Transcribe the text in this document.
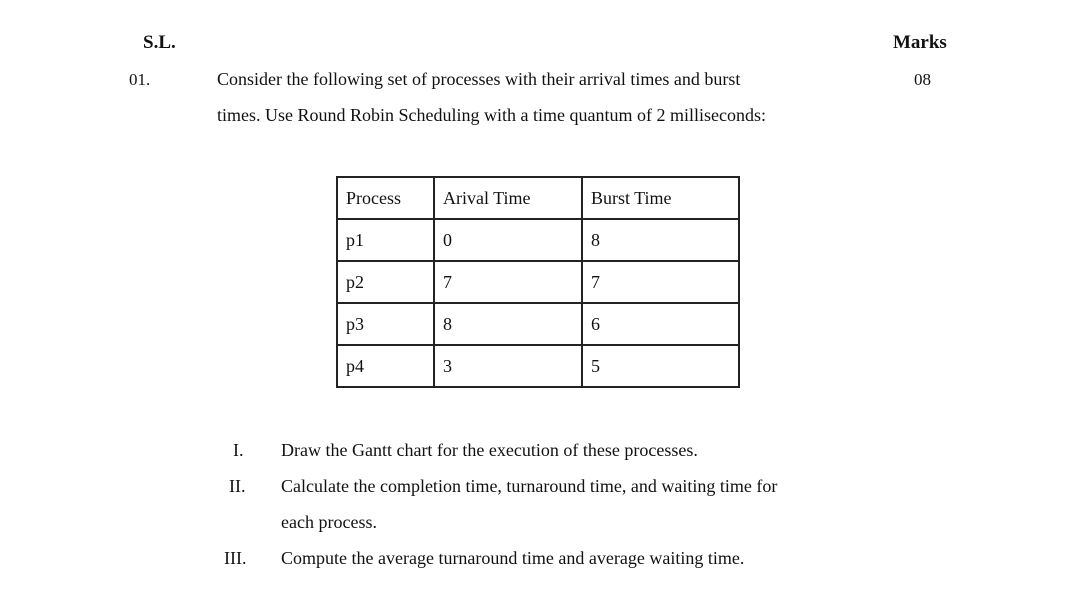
S.L.	Marks
01.	08
Consider the following set of processes with their arrival times and burst
times. Use Round Robin Scheduling with a time quantum of 2 milliseconds:
Process	Arival Time	Burst Time
p1	0	8
p2	7	7
p3	8	6
p4	3	5
I. Draw the Gantt chart for the execution of these processes.
II. Calculate the completion time, turnaround time, and waiting time for
each process.
III. Compute the average turnaround time and average waiting time.
